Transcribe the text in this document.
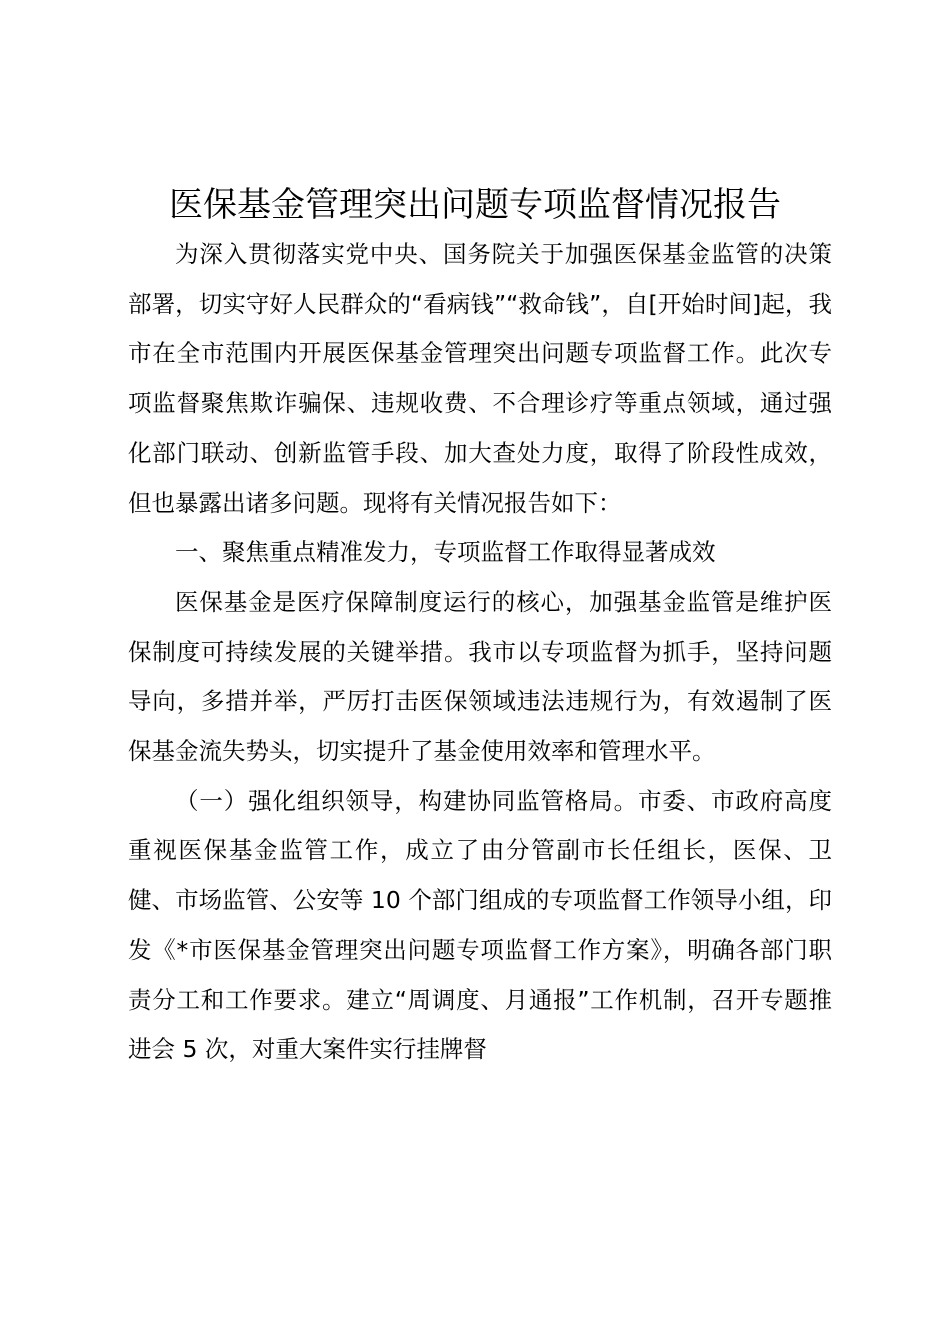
医保基金管理突出问题专项监督情况报告

为深入贯彻落实党中央、国务院关于加强医保基金监管的决策部署，切实守好人民群众的“看病钱”“救命钱”，自[开始时间]起，我市在全市范围内开展医保基金管理突出问题专项监督工作。此次专项监督聚焦欺诈骗保、违规收费、不合理诊疗等重点领域，通过强化部门联动、创新监管手段、加大查处力度，取得了阶段性成效，但也暴露出诸多问题。现将有关情况报告如下：

一、聚焦重点精准发力，专项监督工作取得显著成效

医保基金是医疗保障制度运行的核心，加强基金监管是维护医保制度可持续发展的关键举措。我市以专项监督为抓手，坚持问题导向，多措并举，严厉打击医保领域违法违规行为，有效遏制了医保基金流失势头，切实提升了基金使用效率和管理水平。

（一）强化组织领导，构建协同监管格局。市委、市政府高度重视医保基金监管工作，成立了由分管副市长任组长，医保、卫健、市场监管、公安等 10 个部门组成的专项监督工作领导小组，印发《*市医保基金管理突出问题专项监督工作方案》，明确各部门职责分工和工作要求。建立“周调度、月通报”工作机制，召开专题推进会 5 次，对重大案件实行挂牌督
